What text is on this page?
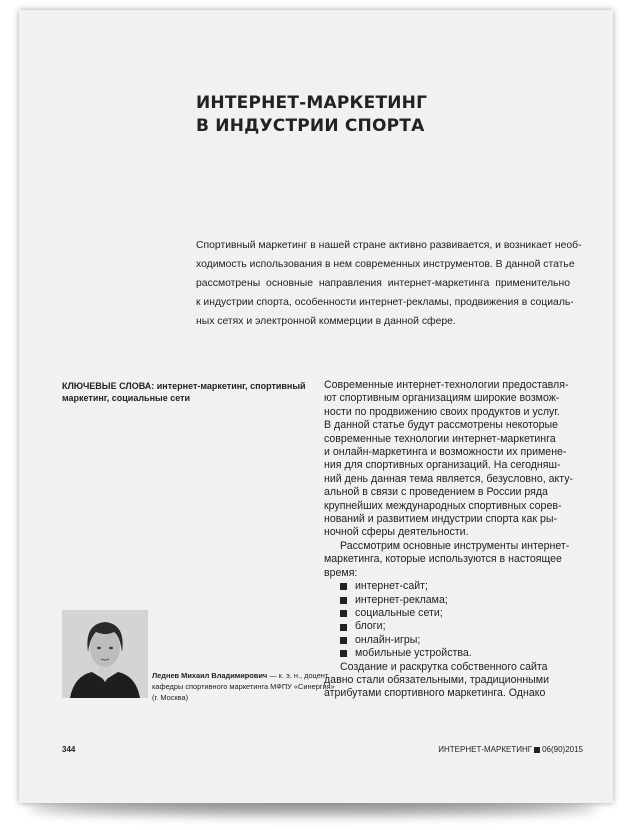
ИНТЕРНЕТ-МАРКЕТИНГ
В ИНДУСТРИИ СПОРТА
Спортивный маркетинг в нашей стране активно развивается, и возникает необ-
ходимость использования в нем современных инструментов. В данной статье
рассмотрены основные направления интернет-маркетинга применительно
к индустрии спорта, особенности интернет-рекламы, продвижения в социаль-
ных сетях и электронной коммерции в данной сфере.
КЛЮЧЕВЫЕ СЛОВА: интернет-маркетинг, спортивный
маркетинг, социальные сети
Современные интернет-технологии предоставля-
ют спортивным организациям широкие возмож-
ности по продвижению своих продуктов и услуг.
В данной статье будут рассмотрены некоторые
современные технологии интернет-маркетинга
и онлайн-маркетинга и возможности их примене-
ния для спортивных организаций. На сегодняш-
ний день данная тема является, безусловно, акту-
альной в связи с проведением в России ряда
крупнейших международных спортивных сорев-
нований и развитием индустрии спорта как ры-
ночной сферы деятельности.
Рассмотрим основные инструменты интернет-
маркетинга, которые используются в настоящее
время:
интернет-сайт;
интернет-реклама;
социальные сети;
блоги;
онлайн-игры;
мобильные устройства.
Создание и раскрутка собственного сайта
давно стали обязательными, традиционными
атрибутами спортивного маркетинга. Однако
Леднев Михаил Владимирович — к. э. н., доцент
кафедры спортивного маркетинга МФПУ «Синергия»
(г. Москва)
344	ИНТЕРНЕТ-МАРКЕТИНГ 06(90)2015
